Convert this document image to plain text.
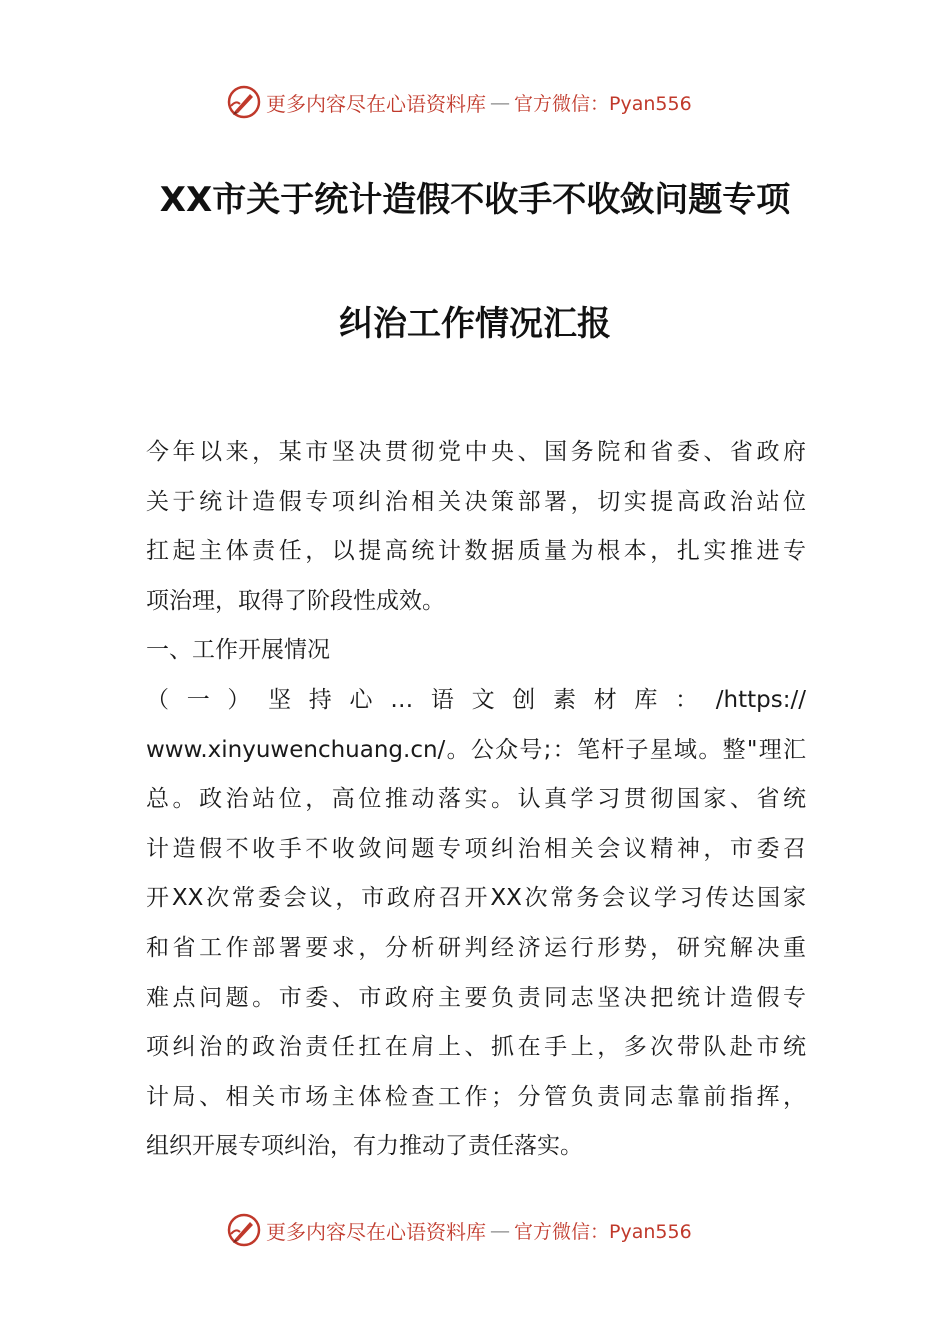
更多内容尽在心语资料库 — 官方微信：Pyan556
XX市关于统计造假不收手不收敛问题专项
纠治工作情况汇报
今年以来，某市坚决贯彻党中央、国务院和省委、省政府
关于统计造假专项纠治相关决策部署，切实提高政治站位
扛起主体责任，以提高统计数据质量为根本，扎实推进专
项治理，取得了阶段性成效。
一、工作开展情况
（一）坚持心…语文创素材库：/https://
www.xinyuwenchuang.cn/。公众号;：笔杆子星域。整"理汇
总。政治站位，高位推动落实。认真学习贯彻国家、省统
计造假不收手不收敛问题专项纠治相关会议精神，市委召
开XX次常委会议，市政府召开XX次常务会议学习传达国家
和省工作部署要求，分析研判经济运行形势，研究解决重
难点问题。市委、市政府主要负责同志坚决把统计造假专
项纠治的政治责任扛在肩上、抓在手上，多次带队赴市统
计局、相关市场主体检查工作；分管负责同志靠前指挥，
组织开展专项纠治，有力推动了责任落实。
更多内容尽在心语资料库 — 官方微信：Pyan556
